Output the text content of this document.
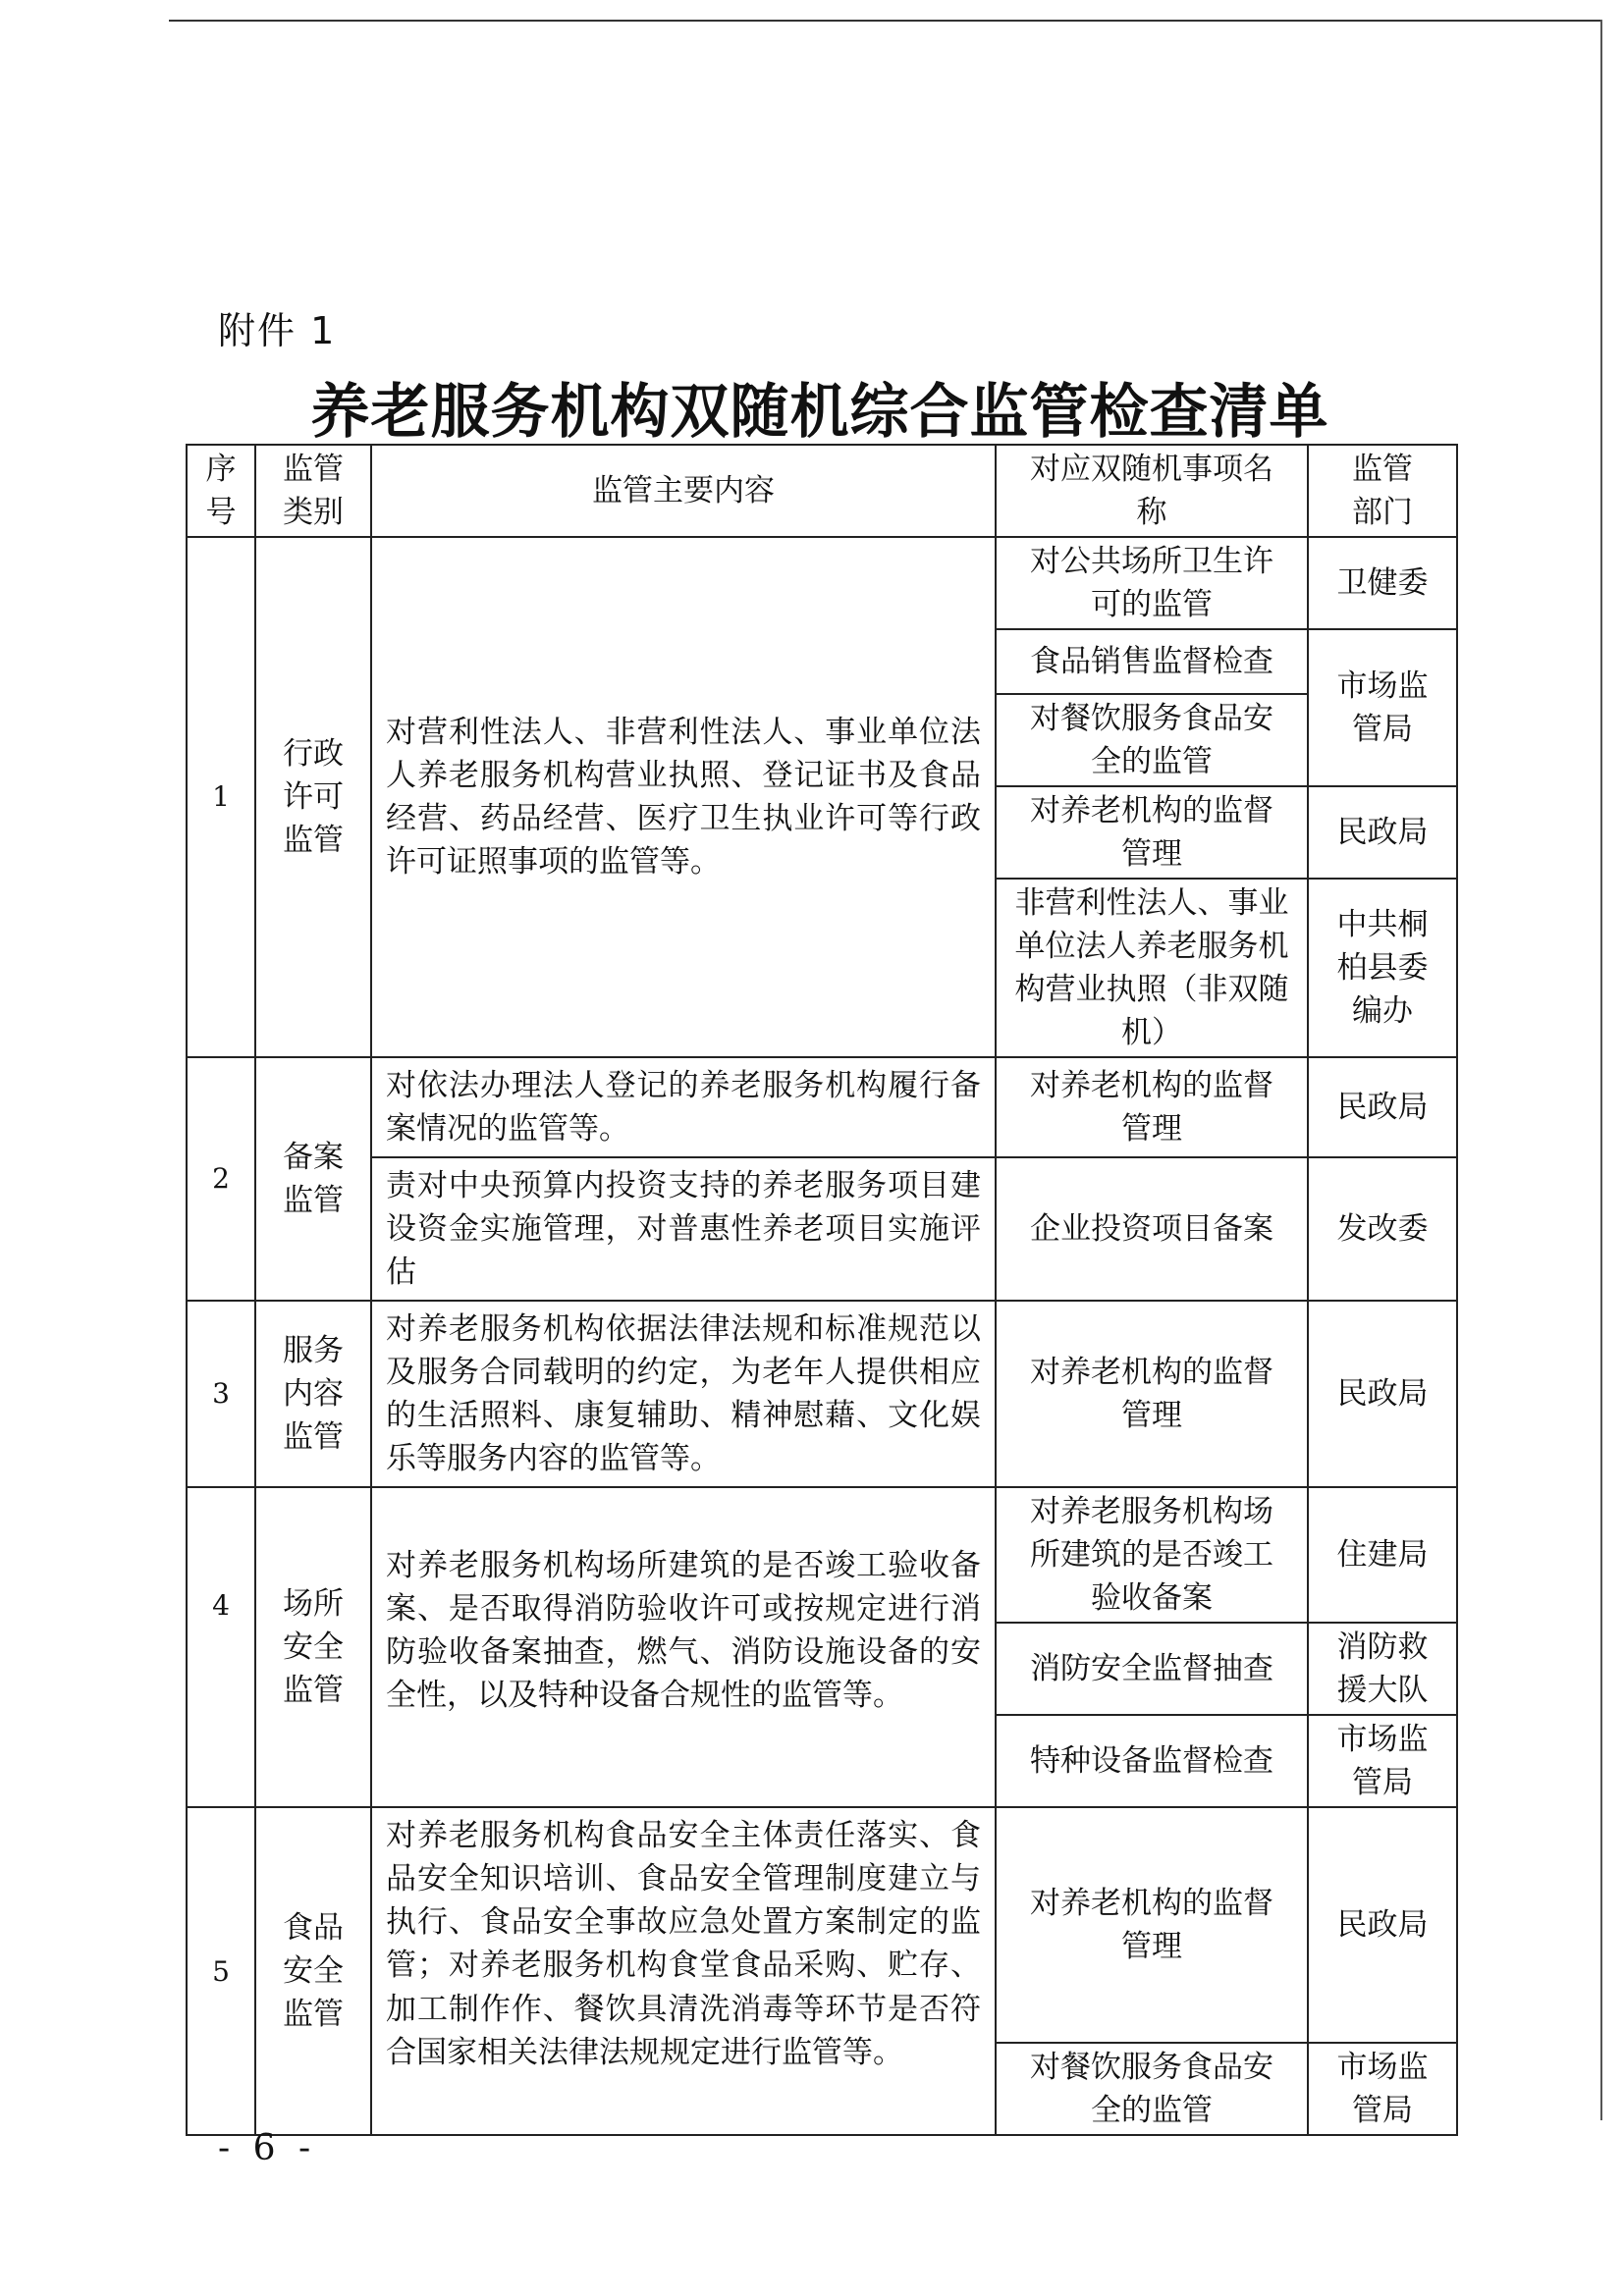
附件 1
养老服务机构双随机综合监管检查清单
序号	监管类别	监管主要内容	对应双随机事项名称	监管部门
1	行政许可监管	对营利性法人、非营利性法人、事业单位法人养老服务机构营业执照、登记证书及食品经营、药品经营、医疗卫生执业许可等行政许可证照事项的监管等。	对公共场所卫生许可的监管	卫健委
			食品销售监督检查	市场监管局
			对餐饮服务食品安全的监管	
			对养老机构的监督管理	民政局
			非营利性法人、事业单位法人养老服务机构营业执照（非双随机）	中共桐柏县委编办
2	备案监管	对依法办理法人登记的养老服务机构履行备案情况的监管等。	对养老机构的监督管理	民政局
		责对中央预算内投资支持的养老服务项目建设资金实施管理，对普惠性养老项目实施评估	企业投资项目备案	发改委
3	服务内容监管	对养老服务机构依据法律法规和标准规范以及服务合同载明的约定，为老年人提供相应的生活照料、康复辅助、精神慰藉、文化娱乐等服务内容的监管等。	对养老机构的监督管理	民政局
4	场所安全监管	对养老服务机构场所建筑的是否竣工验收备案、是否取得消防验收许可或按规定进行消防验收备案抽查，燃气、消防设施设备的安全性，以及特种设备合规性的监管等。	对养老服务机构场所建筑的是否竣工验收备案	住建局
			消防安全监督抽查	消防救援大队
			特种设备监督检查	市场监管局
5	食品安全监管	对养老服务机构食品安全主体责任落实、食品安全知识培训、食品安全管理制度建立与执行、食品安全事故应急处置方案制定的监管；对养老服务机构食堂食品采购、贮存、加工制作作、餐饮具清洗消毒等环节是否符合国家相关法律法规规定进行监管等。	对养老机构的监督管理	民政局
			对餐饮服务食品安全的监管	市场监管局
- 6 -
